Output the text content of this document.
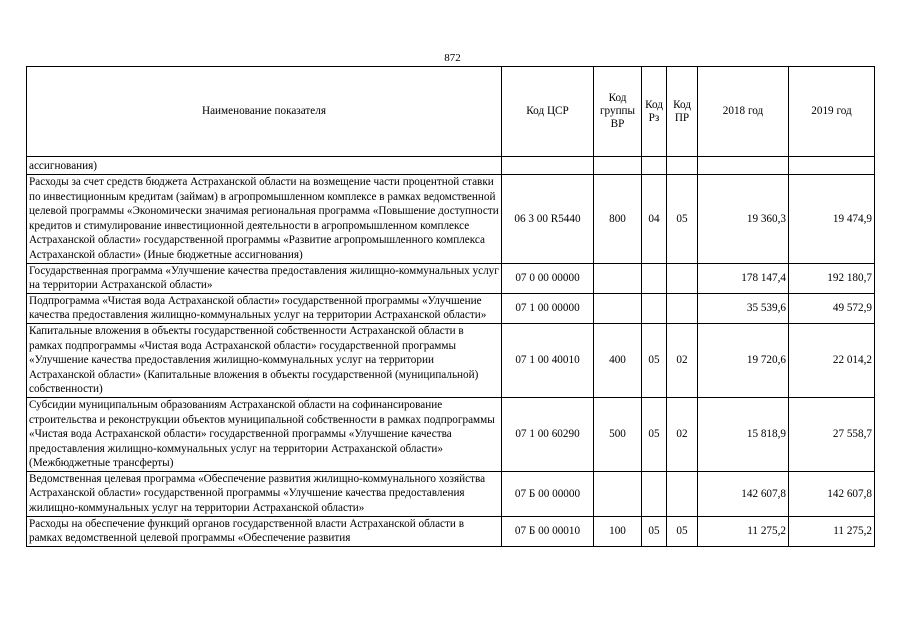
872
Наименование показателя	Код ЦСР	Код группы ВР	Код Рз	Код ПР	2018 год	2019 год
ассигнования)						
Расходы за счет средств бюджета Астраханской области на возмещение части процентной ставки по инвестиционным кредитам (займам) в агропромышленном комплексе в рамках ведомственной целевой программы «Экономически значимая региональная программа «Повышение доступности кредитов и стимулирование инвестиционной деятельности в агропромышленном комплексе Астраханской области» государственной программы «Развитие агропромышленного комплекса Астраханской области» (Иные бюджетные ассигнования)	06 3 00 R5440	800	04	05	19 360,3	19 474,9
Государственная программа «Улучшение качества предоставления жилищно-коммунальных услуг на территории Астраханской области»	07 0 00 00000				178 147,4	192 180,7
Подпрограмма «Чистая вода Астраханской области» государственной программы «Улучшение качества предоставления жилищно-коммунальных услуг на территории Астраханской области»	07 1 00 00000				35 539,6	49 572,9
Капитальные вложения в объекты государственной собственности Астраханской области в рамках подпрограммы «Чистая вода Астраханской области» государственной программы «Улучшение качества предоставления жилищно-коммунальных услуг на территории Астраханской области» (Капитальные вложения в объекты государственной (муниципальной) собственности)	07 1 00 40010	400	05	02	19 720,6	22 014,2
Субсидии муниципальным образованиям Астраханской области на софинансирование строительства и реконструкции объектов муниципальной собственности в рамках подпрограммы «Чистая вода Астраханской области» государственной программы «Улучшение качества предоставления жилищно-коммунальных услуг на территории Астраханской области» (Межбюджетные трансферты)	07 1 00 60290	500	05	02	15 818,9	27 558,7
Ведомственная целевая программа «Обеспечение развития жилищно-коммунального хозяйства Астраханской области» государственной программы «Улучшение качества предоставления жилищно-коммунальных услуг на территории Астраханской области»	07 Б 00 00000				142 607,8	142 607,8
Расходы на обеспечение функций органов государственной власти Астраханской области в рамках ведомственной целевой программы «Обеспечение развития	07 Б 00 00010	100	05	05	11 275,2	11 275,2
